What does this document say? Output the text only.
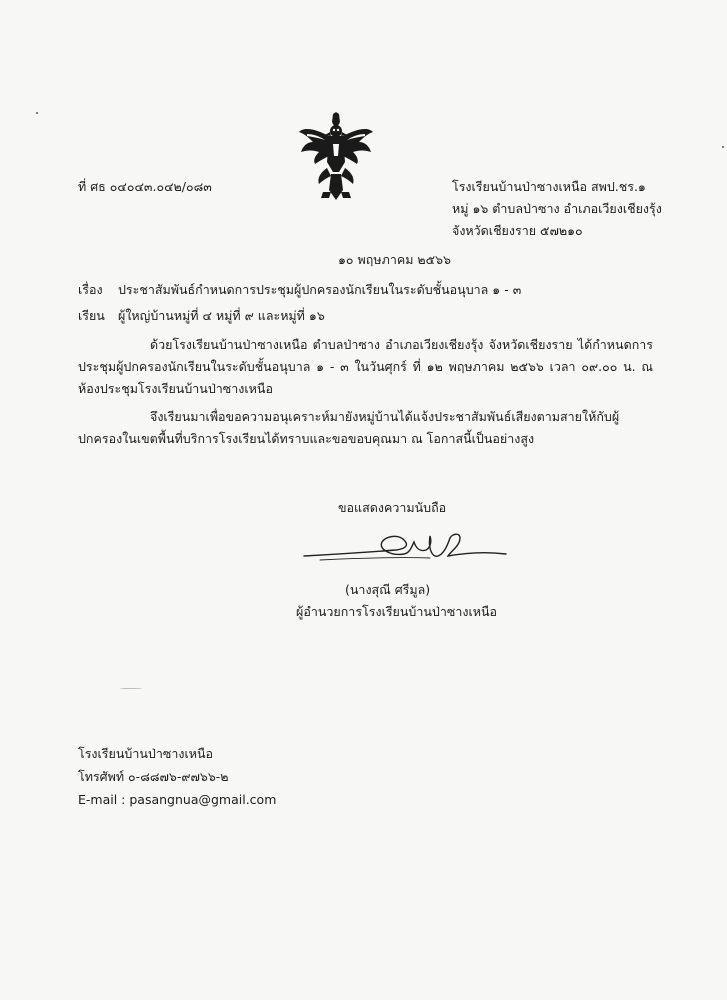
ที่ ศธ ๐๔๐๔๓.๐๔๒/๐๘๓	โรงเรียนบ้านป่าซางเหนือ สพป.ชร.๑
หมู่ ๑๖ ตำบลป่าซาง อำเภอเวียงเชียงรุ้ง
จังหวัดเชียงราย ๕๗๒๑๐
๑๐ พฤษภาคม ๒๕๖๖
เรื่อง ประชาสัมพันธ์กำหนดการประชุมผู้ปกครองนักเรียนในระดับชั้นอนุบาล ๑ - ๓
เรียน ผู้ใหญ่บ้านหมู่ที่ ๔ หมู่ที่ ๙ และหมู่ที่ ๑๖
ด้วยโรงเรียนบ้านป่าซางเหนือ ตำบลป่าซาง อำเภอเวียงเชียงรุ้ง จังหวัดเชียงราย ได้กำหนดการประชุมผู้ปกครองนักเรียนในระดับชั้นอนุบาล ๑ - ๓ ในวันศุกร์ ที่ ๑๒ พฤษภาคม ๒๕๖๖ เวลา ๐๙.๐๐ น. ณ ห้องประชุมโรงเรียนบ้านป่าซางเหนือ
จึงเรียนมาเพื่อขอความอนุเคราะห์มายังหมู่บ้านได้แจ้งประชาสัมพันธ์เสียงตามสายให้กับผู้ปกครองในเขตพื้นที่บริการโรงเรียนได้ทราบและขอขอบคุณมา ณ โอกาสนี้เป็นอย่างสูง
ขอแสดงความนับถือ
(นางสุณี ศรีมูล)
ผู้อำนวยการโรงเรียนบ้านป่าซางเหนือ
โรงเรียนบ้านป่าซางเหนือ
โทรศัพท์ ๐-๘๘๗๖-๙๗๖๖-๒
E-mail : pasangnua@gmail.com
